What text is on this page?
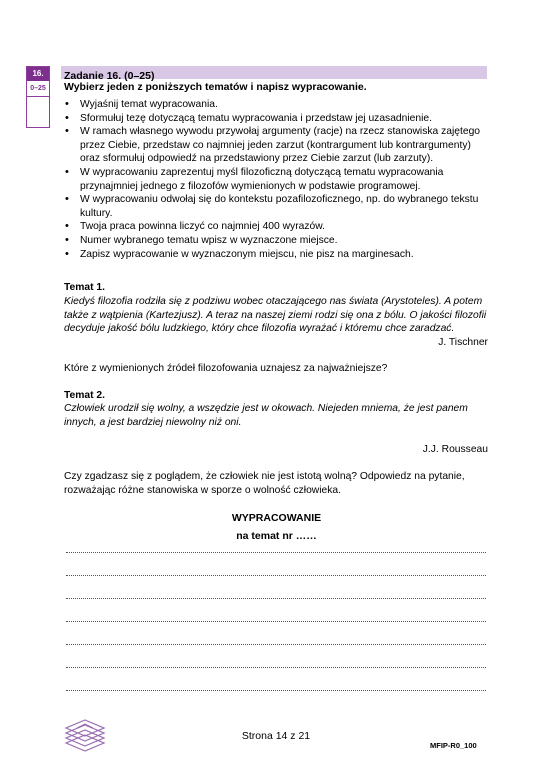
16.
0–25
Zadanie 16. (0–25)
Wybierz jeden z poniższych tematów i napisz wypracowanie.
• Wyjaśnij temat wypracowania.
• Sformułuj tezę dotyczącą tematu wypracowania i przedstaw jej uzasadnienie.
• W ramach własnego wywodu przywołaj argumenty (racje) na rzecz stanowiska zajętego przez Ciebie, przedstaw co najmniej jeden zarzut (kontrargument lub kontrargumenty) oraz sformułuj odpowiedź na przedstawiony przez Ciebie zarzut (lub zarzuty).
• W wypracowaniu zaprezentuj myśl filozoficzną dotyczącą tematu wypracowania przynajmniej jednego z filozofów wymienionych w podstawie programowej.
• W wypracowaniu odwołaj się do kontekstu pozafilozoficznego, np. do wybranego tekstu kultury.
• Twoja praca powinna liczyć co najmniej 400 wyrazów.
• Numer wybranego tematu wpisz w wyznaczone miejsce.
• Zapisz wypracowanie w wyznaczonym miejscu, nie pisz na marginesach.
Temat 1.
Kiedyś filozofia rodziła się z podziwu wobec otaczającego nas świata (Arystoteles). A potem także z wątpienia (Kartezjusz). A teraz na naszej ziemi rodzi się ona z bólu. O jakości filozofii decyduje jakość bólu ludzkiego, który chce filozofia wyrażać i któremu chce zaradzać.
J. Tischner
Które z wymienionych źródeł filozofowania uznajesz za najważniejsze?
Temat 2.
Człowiek urodził się wolny, a wszędzie jest w okowach. Niejeden mniema, że jest panem innych, a jest bardziej niewolny niż oni.
J.J. Rousseau
Czy zgadzasz się z poglądem, że człowiek nie jest istotą wolną? Odpowiedz na pytanie, rozważając różne stanowiska w sporze o wolność człowieka.
WYPRACOWANIE
na temat nr ……
Strona 14 z 21
MFIP-R0_100
